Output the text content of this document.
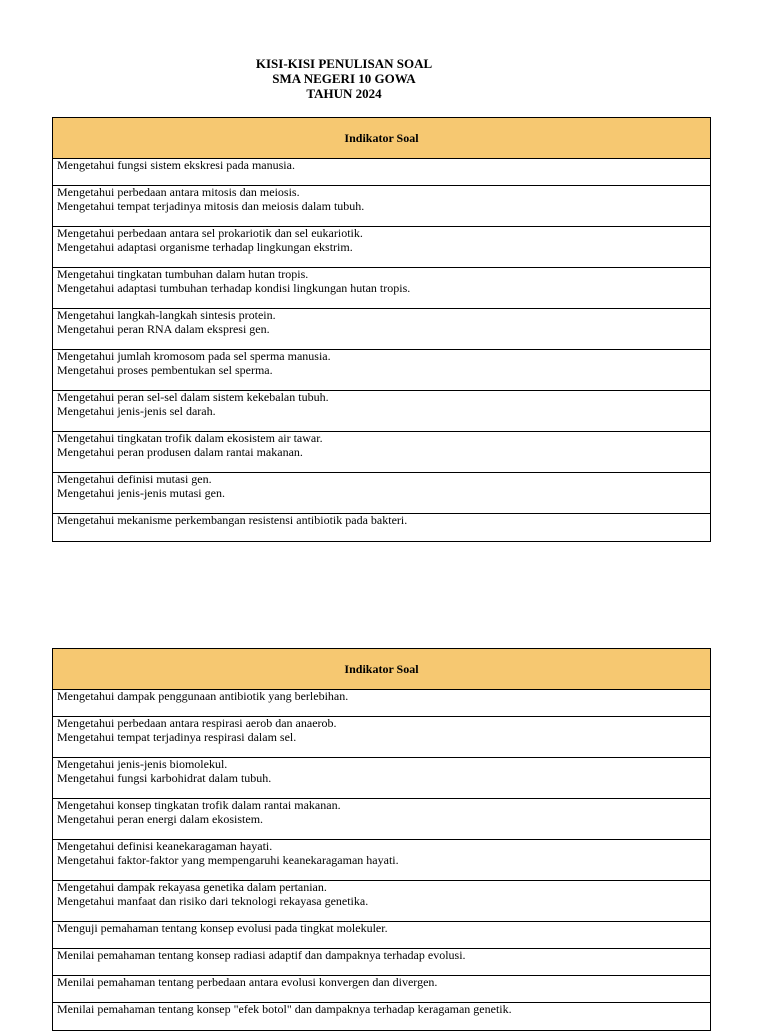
KISI-KISI PENULISAN SOAL
SMA NEGERI 10 GOWA
TAHUN 2024
Indikator Soal
Mengetahui fungsi sistem ekskresi pada manusia.
Mengetahui perbedaan antara mitosis dan meiosis.
Mengetahui tempat terjadinya mitosis dan meiosis dalam tubuh.
Mengetahui perbedaan antara sel prokariotik dan sel eukariotik.
Mengetahui adaptasi organisme terhadap lingkungan ekstrim.
Mengetahui tingkatan tumbuhan dalam hutan tropis.
Mengetahui adaptasi tumbuhan terhadap kondisi lingkungan hutan tropis.
Mengetahui langkah-langkah sintesis protein.
Mengetahui peran RNA dalam ekspresi gen.
Mengetahui jumlah kromosom pada sel sperma manusia.
Mengetahui proses pembentukan sel sperma.
Mengetahui peran sel-sel dalam sistem kekebalan tubuh.
Mengetahui jenis-jenis sel darah.
Mengetahui tingkatan trofik dalam ekosistem air tawar.
Mengetahui peran produsen dalam rantai makanan.
Mengetahui definisi mutasi gen.
Mengetahui jenis-jenis mutasi gen.
Mengetahui mekanisme perkembangan resistensi antibiotik pada bakteri.
Indikator Soal
Mengetahui dampak penggunaan antibiotik yang berlebihan.
Mengetahui perbedaan antara respirasi aerob dan anaerob.
Mengetahui tempat terjadinya respirasi dalam sel.
Mengetahui jenis-jenis biomolekul.
Mengetahui fungsi karbohidrat dalam tubuh.
Mengetahui konsep tingkatan trofik dalam rantai makanan.
Mengetahui peran energi dalam ekosistem.
Mengetahui definisi keanekaragaman hayati.
Mengetahui faktor-faktor yang mempengaruhi keanekaragaman hayati.
Mengetahui dampak rekayasa genetika dalam pertanian.
Mengetahui manfaat dan risiko dari teknologi rekayasa genetika.
Menguji pemahaman tentang konsep evolusi pada tingkat molekuler.
Menilai pemahaman tentang konsep radiasi adaptif dan dampaknya terhadap evolusi.
Menilai pemahaman tentang perbedaan antara evolusi konvergen dan divergen.
Menilai pemahaman tentang konsep "efek botol" dan dampaknya terhadap keragaman genetik.
